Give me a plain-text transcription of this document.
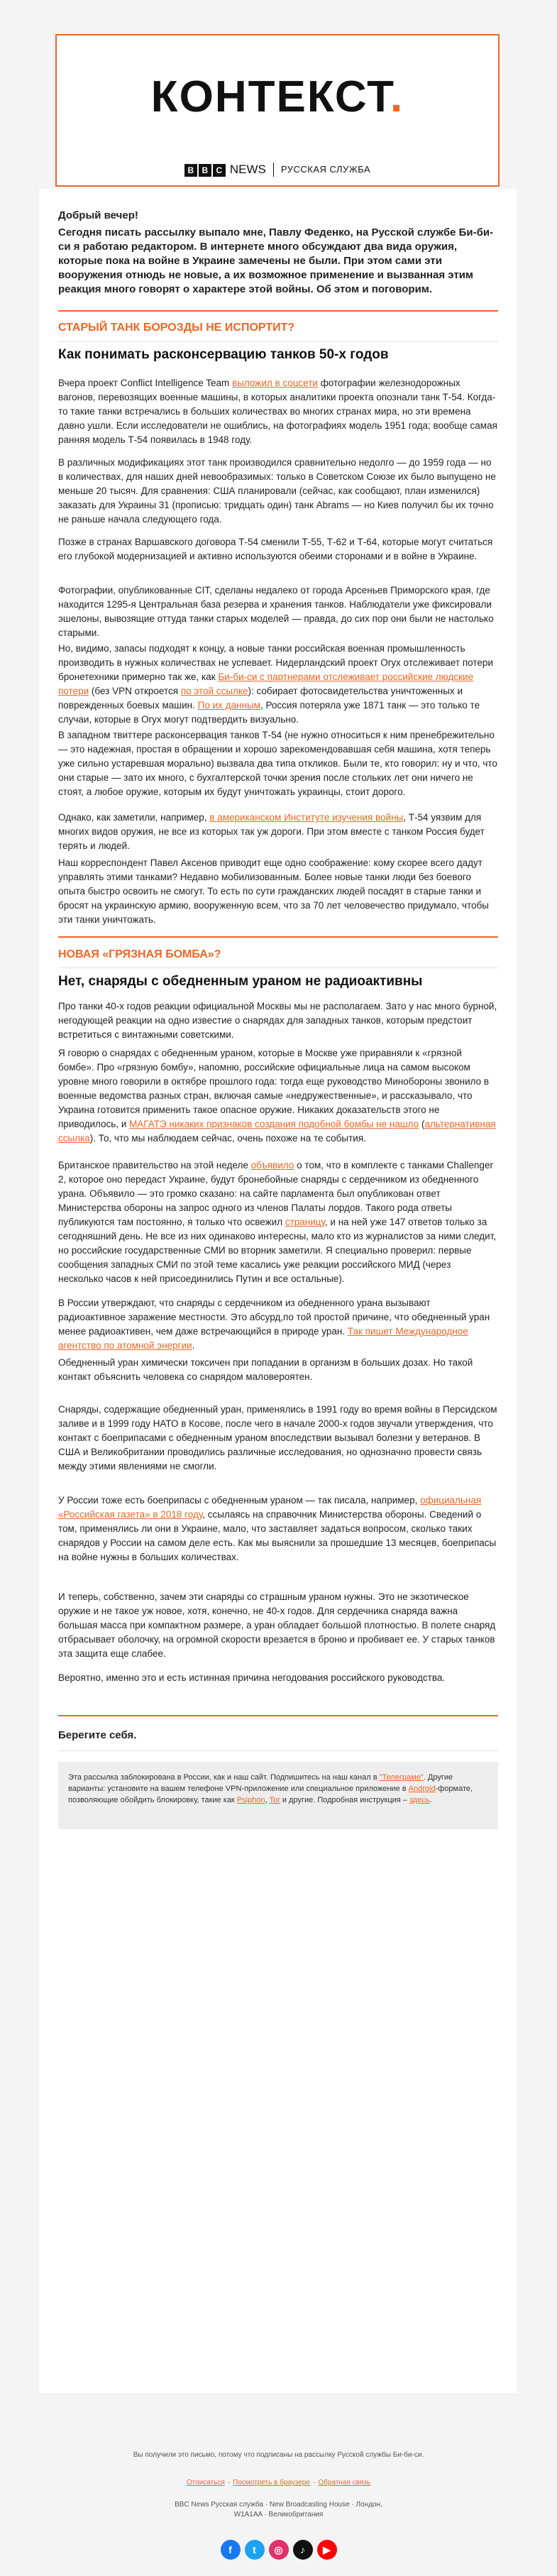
КОНТЕКСТ.
B B C NEWS РУССКАЯ СЛУЖБА
Добрый вечер!
Сегодня писать рассылку выпало мне, Павлу Феденко, на Русской службе Би-би-си я работаю редактором. В интернете много обсуждают два вида оружия, которые пока на войне в Украине замечены не были. При этом сами эти вооружения отнюдь не новые, а их возможное применение и вызванная этим реакция много говорят о характере этой войны. Об этом и поговорим.
СТАРЫЙ ТАНК БОРОЗДЫ НЕ ИСПОРТИТ?
Как понимать расконсервацию танков 50-х годов
Вчера проект Conflict Intelligence Team выложил в соцсети фотографии железнодорожных вагонов, перевозящих военные машины, в которых аналитики проекта опознали танк Т-54. Когда-то такие танки встречались в больших количествах во многих странах мира, но эти времена давно ушли. Если исследователи не ошиблись, на фотографиях модель 1951 года; вообще самая ранняя модель Т-54 появилась в 1948 году.
В различных модификациях этот танк производился сравнительно недолго — до 1959 года — но в количествах, для наших дней невообразимых: только в Советском Союзе их было выпущено не меньше 20 тысяч. Для сравнения: США планировали (сейчас, как сообщают, план изменился) заказать для Украины 31 (прописью: тридцать один) танк Abrams — но Киев получил бы их точно не раньше начала следующего года.
Позже в странах Варшавского договора Т-54 сменили Т-55, Т-62 и Т-64, которые могут считаться его глубокой модернизацией и активно используются обеими сторонами и в войне в Украине.
Фотографии, опубликованные CIT, сделаны недалеко от города Арсеньев Приморского края, где находится 1295-я Центральная база резерва и хранения танков. Наблюдатели уже фиксировали эшелоны, вывозящие оттуда танки старых моделей — правда, до сих пор они были не настолько старыми.
Но, видимо, запасы подходят к концу, а новые танки российская военная промышленность производить в нужных количествах не успевает. Нидерландский проект Oryx отслеживает потери бронетехники примерно так же, как Би-би-си с партнерами отслеживает российские людские потери (без VPN откроется по этой ссылке): собирает фотосвидетельства уничтоженных и поврежденных боевых машин. По их данным, Россия потеряла уже 1871 танк — это только те случаи, которые в Oryx могут подтвердить визуально.
В западном твиттере расконсервация танков Т-54 (не нужно относиться к ним пренебрежительно — это надежная, простая в обращении и хорошо зарекомендовавшая себя машина, хотя теперь уже сильно устаревшая морально) вызвала два типа откликов. Были те, кто говорил: ну и что, что они старые — зато их много, с бухгалтерской точки зрения после стольких лет они ничего не стоят, а любое оружие, которым их будут уничтожать украинцы, стоит дорого.
Однако, как заметили, например, в американском Институте изучения войны, Т-54 уязвим для многих видов оружия, не все из которых так уж дороги. При этом вместе с танком Россия будет терять и людей.
Наш корреспондент Павел Аксенов приводит еще одно соображение: кому скорее всего дадут управлять этими танками? Недавно мобилизованным. Более новые танки люди без боевого опыта быстро освоить не смогут. То есть по сути гражданских людей посадят в старые танки и бросят на украинскую армию, вооруженную всем, что за 70 лет человечество придумало, чтобы эти танки уничтожать.
НОВАЯ «ГРЯЗНАЯ БОМБА»?
Нет, снаряды с обедненным ураном не радиоактивны
Про танки 40-х годов реакции официальной Москвы мы не располагаем. Зато у нас много бурной, негодующей реакции на одно известие о снарядах для западных танков, которым предстоит встретиться с винтажными советскими.
Я говорю о снарядах с обедненным ураном, которые в Москве уже приравняли к «грязной бомбе». Про «грязную бомбу», напомню, российские официальные лица на самом высоком уровне много говорили в октябре прошлого года: тогда еще руководство Минобороны звонило в военные ведомства разных стран, включая самые «недружественные», и рассказывало, что Украина готовится применить такое опасное оружие. Никаких доказательств этого не приводилось, и МАГАТЭ никаких признаков создания подобной бомбы не нашло (альтернативная ссылка). То, что мы наблюдаем сейчас, очень похоже на те события.
Британское правительство на этой неделе объявило о том, что в комплекте с танками Challenger 2, которое оно передаст Украине, будут бронебойные снаряды с сердечником из обедненного урана. Объявило — это громко сказано: на сайте парламента был опубликован ответ Министерства обороны на запрос одного из членов Палаты лордов. Такого рода ответы публикуются там постоянно, я только что освежил страницу, и на ней уже 147 ответов только за сегодняшний день. Не все из них одинаково интересны, мало кто из журналистов за ними следит, но российские государственные СМИ во вторник заметили. Я специально проверил: первые сообщения западных СМИ по этой теме касались уже реакции российского МИД (через несколько часов к ней присоединились Путин и все остальные).
В России утверждают, что снаряды с сердечником из обедненного урана вызывают радиоактивное заражение местности. Это абсурд,по той простой причине, что обедненный уран менее радиоактивен, чем даже встречающийся в природе уран. Так пишет Международное агентство по атомной энергии.
Обедненный уран химически токсичен при попадании в организм в больших дозах. Но такой контакт объяснить человека со снарядом маловероятен.
Снаряды, содержащие обедненный уран, применялись в 1991 году во время войны в Персидском заливе и в 1999 году НАТО в Косове, после чего в начале 2000-х годов звучали утверждения, что контакт с боеприпасами с обедненным ураном впоследствии вызывал болезни у ветеранов. В США и Великобритании проводились различные исследования, но однозначно провести связь между этими явлениями не смогли.
У России тоже есть боеприпасы с обедненным ураном — так писала, например, официальная «Российская газета» в 2018 году, ссылаясь на справочник Министерства обороны. Сведений о том, применялись ли они в Украине, мало, что заставляет задаться вопросом, сколько таких снарядов у России на самом деле есть. Как мы выяснили за прошедшие 13 месяцев, боеприпасы на войне нужны в больших количествах.
И теперь, собственно, зачем эти снаряды со страшным ураном нужны. Это не экзотическое оружие и не такое уж новое, хотя, конечно, не 40-х годов. Для сердечника снаряда важна большая масса при компактном размере, а уран обладает большой плотностью. В полете снаряд отбрасывает оболочку, на огромной скорости врезается в броню и пробивает ее. У старых танков эта защита еще слабее.
Вероятно, именно это и есть истинная причина негодования российского руководства.
Берегите себя.
Эта рассылка заблокирована в России, как и наш сайт. Подпишитесь на наш канал в "Телеграме". Другие варианты: установите на вашем телефоне VPN-приложение или специальное приложение в Android-формате, позволяющие обойдить блокировку, такие как Psiphon, Tor и другие. Подробная инструкция – здесь.
Вы получили это письмо, потому что подписаны на рассылку Русской службы Би-би-си.
Отписаться · Посмотреть в браузере · Обратная связь
BBC News Русская служба · New Broadcasting House · Лондон, W1A1AA · Великобритания
f t ◎ ♪ ▶
